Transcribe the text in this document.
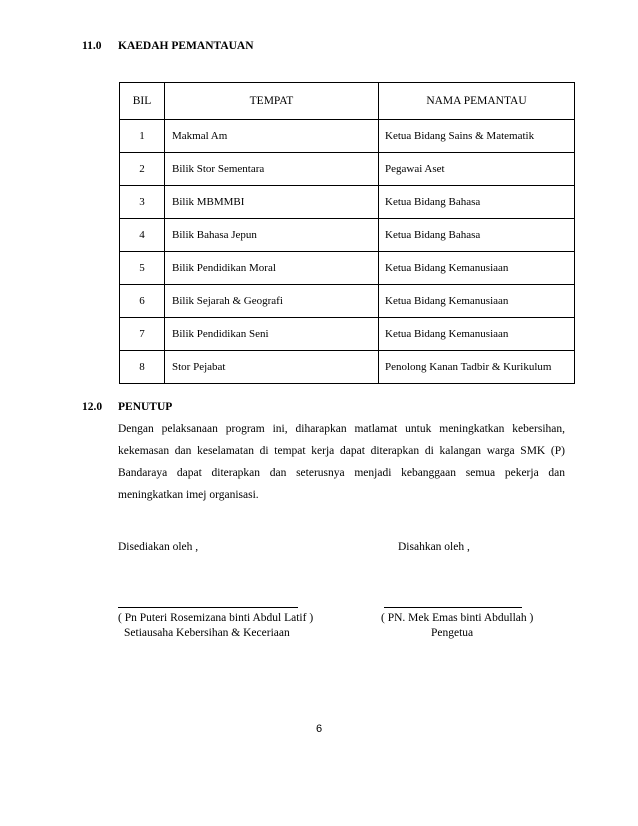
11.0 KAEDAH PEMANTAUAN
BIL	TEMPAT	NAMA PEMANTAU
1	Makmal Am	Ketua Bidang Sains & Matematik
2	Bilik Stor Sementara	Pegawai Aset
3	Bilik MBMMBI	Ketua Bidang Bahasa
4	Bilik Bahasa Jepun	Ketua Bidang Bahasa
5	Bilik Pendidikan Moral	Ketua Bidang Kemanusiaan
6	Bilik Sejarah & Geografi	Ketua Bidang Kemanusiaan
7	Bilik Pendidikan Seni	Ketua Bidang Kemanusiaan
8	Stor Pejabat	Penolong Kanan Tadbir & Kurikulum
12.0 PENUTUP

Dengan pelaksanaan program ini, diharapkan matlamat untuk meningkatkan kebersihan, kekemasan dan keselamatan di tempat kerja dapat diterapkan di kalangan warga SMK (P) Bandaraya dapat diterapkan dan seterusnya menjadi kebanggaan semua pekerja dan meningkatkan imej organisasi.

Disediakan oleh ,	Disahkan oleh ,
( Pn Puteri Rosemizana binti Abdul Latif )
Setiausaha Kebersihan & Keceriaan
( PN. Mek Emas binti Abdullah )
Pengetua
6
